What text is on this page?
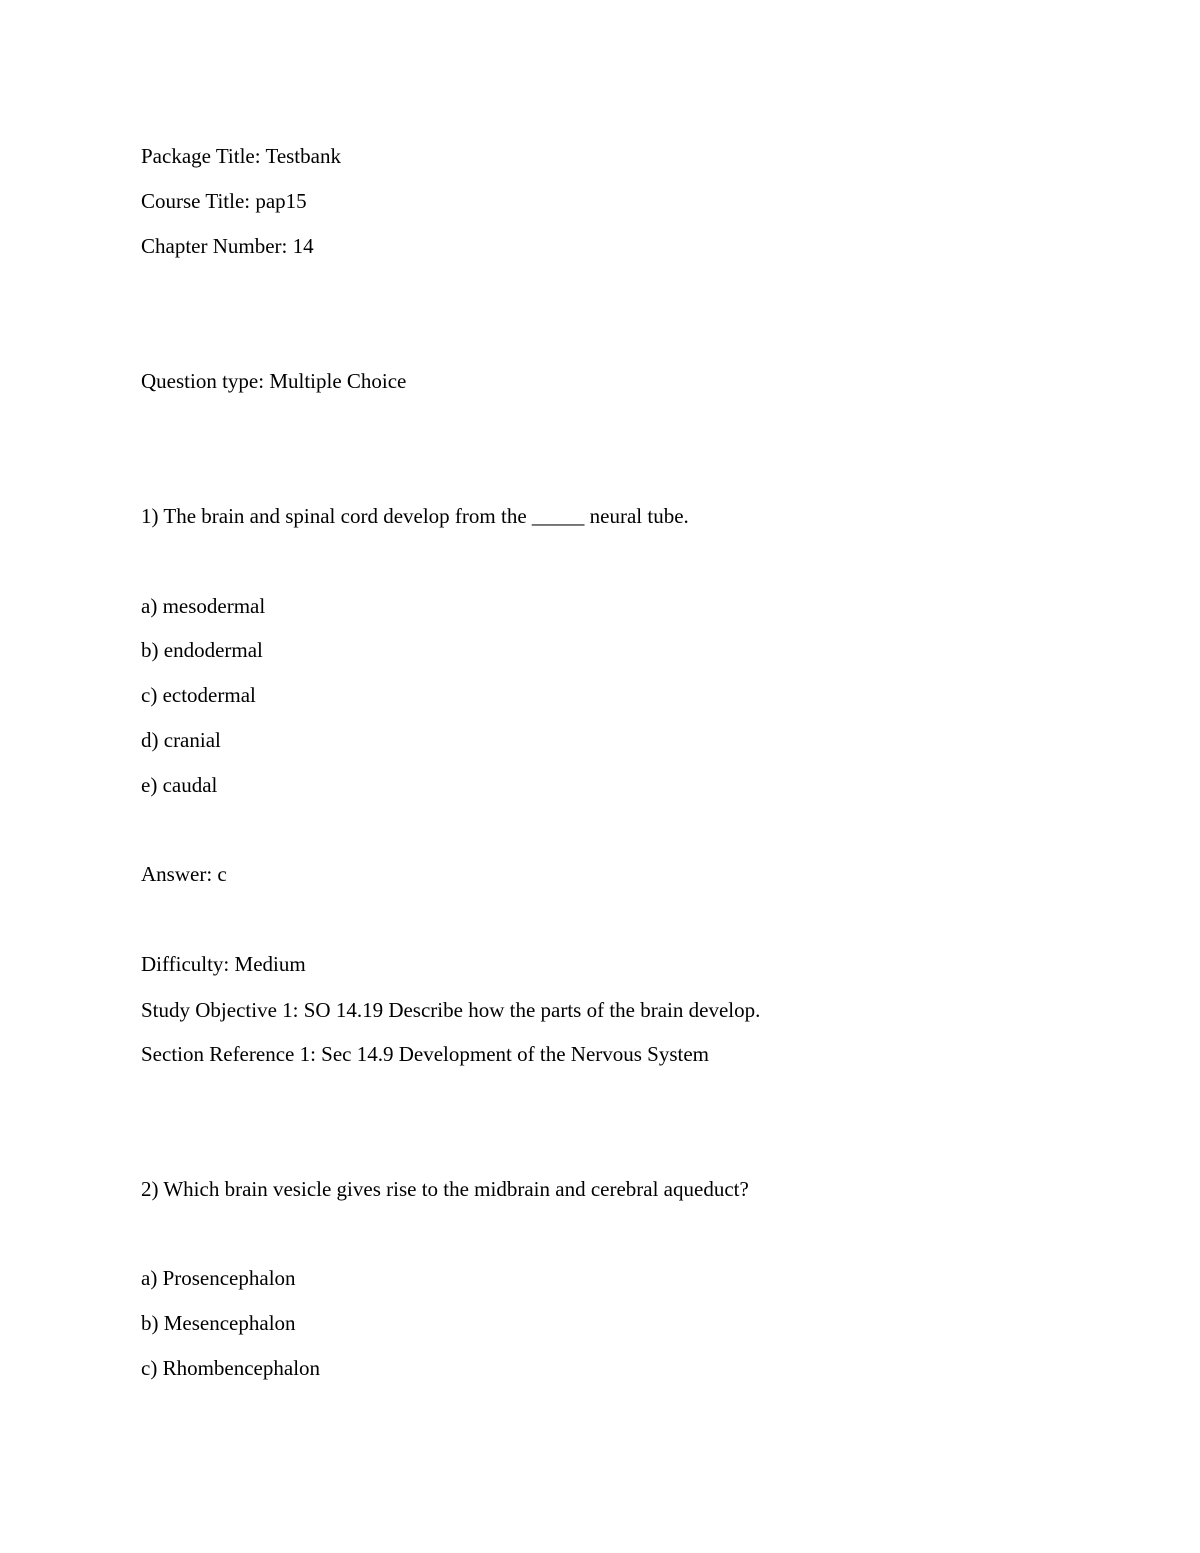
Package Title: Testbank

Course Title: pap15

Chapter Number: 14

Question type: Multiple Choice

1) The brain and spinal cord develop from the _____ neural tube.

a) mesodermal

b) endodermal

c) ectodermal

d) cranial

e) caudal

Answer: c

Difficulty: Medium

Study Objective 1: SO 14.19 Describe how the parts of the brain develop.

Section Reference 1: Sec 14.9 Development of the Nervous System

2) Which brain vesicle gives rise to the midbrain and cerebral aqueduct?

a) Prosencephalon

b) Mesencephalon

c) Rhombencephalon
